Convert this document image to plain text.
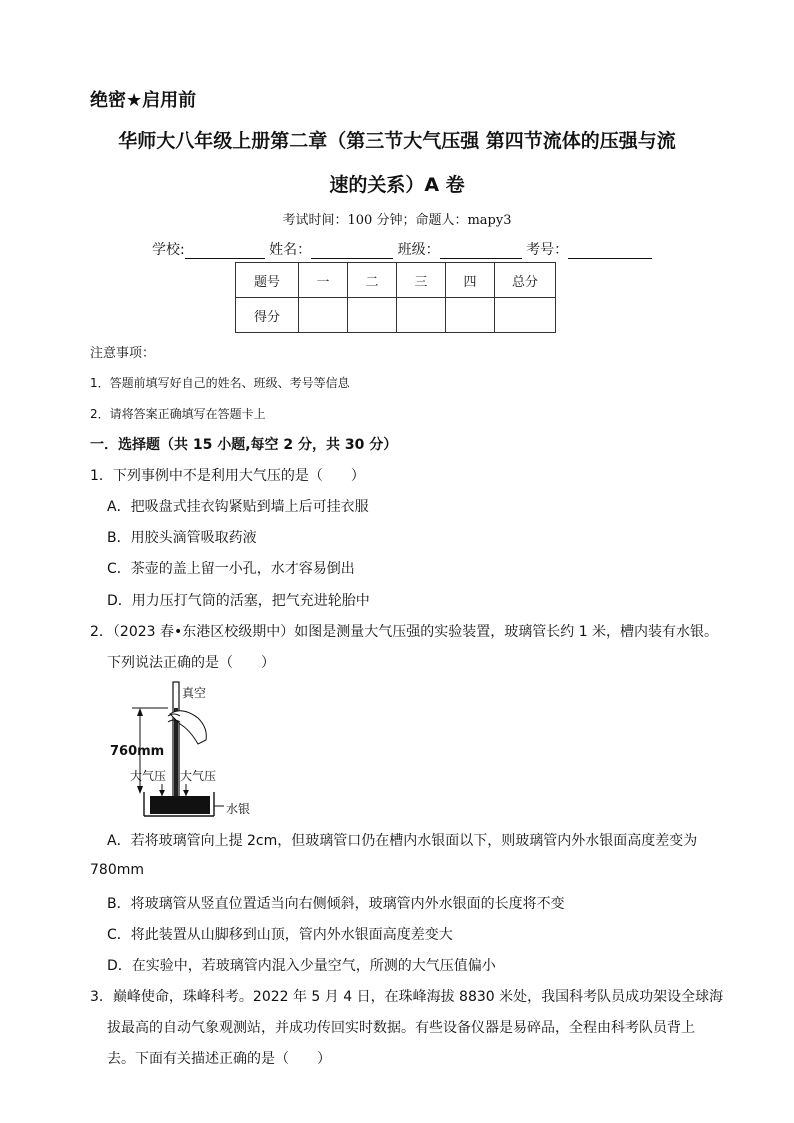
绝密★启用前
华师大八年级上册第二章（第三节大气压强 第四节流体的压强与流
速的关系）A 卷
考试时间：100 分钟；命题人：mapy3
学校:	姓名：	班级：	考号：
题号	一	二	三	四	总分
得分					
注意事项：
1．答题前填写好自己的姓名、班级、考号等信息
2．请将答案正确填写在答题卡上
一．选择题（共 15 小题,每空 2 分，共 30 分）
1．下列事例中不是利用大气压的是（　　）
A．把吸盘式挂衣钩紧贴到墙上后可挂衣服
B．用胶头滴管吸取药液
C．茶壶的盖上留一小孔，水才容易倒出
D．用力压打气筒的活塞，把气充进轮胎中
2．（2023 春•东港区校级期中）如图是测量大气压强的实验装置，玻璃管长约 1 米，槽内装有水银。
下列说法正确的是（　　）
真空
760mm
大气压 大气压
水银
A．若将玻璃管向上提 2cm，但玻璃管口仍在槽内水银面以下，则玻璃管内外水银面高度差变为
780mm
B．将玻璃管从竖直位置适当向右侧倾斜，玻璃管内外水银面的长度将不变
C．将此装置从山脚移到山顶，管内外水银面高度差变大
D．在实验中，若玻璃管内混入少量空气，所测的大气压值偏小
3．巅峰使命，珠峰科考。2022 年 5 月 4 日，在珠峰海拔 8830 米处，我国科考队员成功架设全球海
拔最高的自动气象观测站，并成功传回实时数据。有些设备仪器是易碎品，全程由科考队员背上
去。下面有关描述正确的是（　　）
